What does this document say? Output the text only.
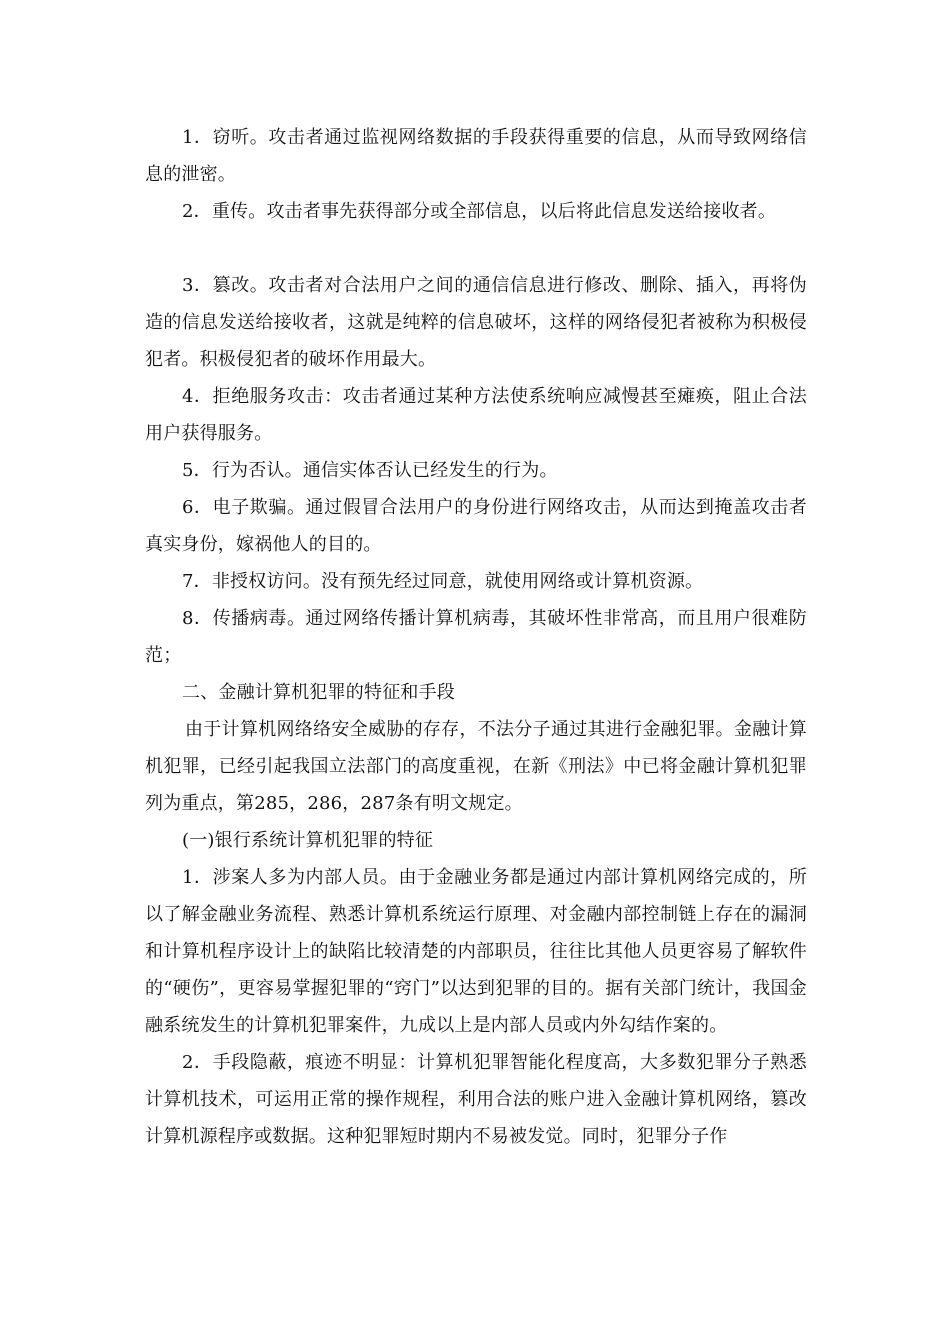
1．窃听。攻击者通过监视网络数据的手段获得重要的信息，从而导致网络信息的泄密。

2．重传。攻击者事先获得部分或全部信息，以后将此信息发送给接收者。

3．篡改。攻击者对合法用户之间的通信信息进行修改、删除、插入，再将伪造的信息发送给接收者，这就是纯粹的信息破坏，这样的网络侵犯者被称为积极侵犯者。积极侵犯者的破坏作用最大。

4．拒绝服务攻击：攻击者通过某种方法使系统响应减慢甚至瘫痪，阻止合法用户获得服务。

5．行为否认。通信实体否认已经发生的行为。

6．电子欺骗。通过假冒合法用户的身份进行网络攻击，从而达到掩盖攻击者真实身份，嫁祸他人的目的。

7．非授权访问。没有预先经过同意，就使用网络或计算机资源。

8．传播病毒。通过网络传播计算机病毒，其破坏性非常高，而且用户很难防范；

二、金融计算机犯罪的特征和手段

由于计算机网络络安全威胁的存存，不法分子通过其进行金融犯罪。金融计算机犯罪，已经引起我国立法部门的高度重视，在新《刑法》中已将金融计算机犯罪列为重点，第285，286，287条有明文规定。

(一)银行系统计算机犯罪的特征

1．涉案人多为内部人员。由于金融业务都是通过内部计算机网络完成的，所以了解金融业务流程、熟悉计算机系统运行原理、对金融内部控制链上存在的漏洞和计算机程序设计上的缺陷比较清楚的内部职员，往往比其他人员更容易了解软件的“硬伤”，更容易掌握犯罪的“窍门”以达到犯罪的目的。据有关部门统计，我国金融系统发生的计算机犯罪案件，九成以上是内部人员或内外勾结作案的。

2．手段隐蔽，痕迹不明显：计算机犯罪智能化程度高，大多数犯罪分子熟悉计算机技术，可运用正常的操作规程，利用合法的账户进入金融计算机网络，篡改计算机源程序或数据。这种犯罪短时期内不易被发觉。同时，犯罪分子作
